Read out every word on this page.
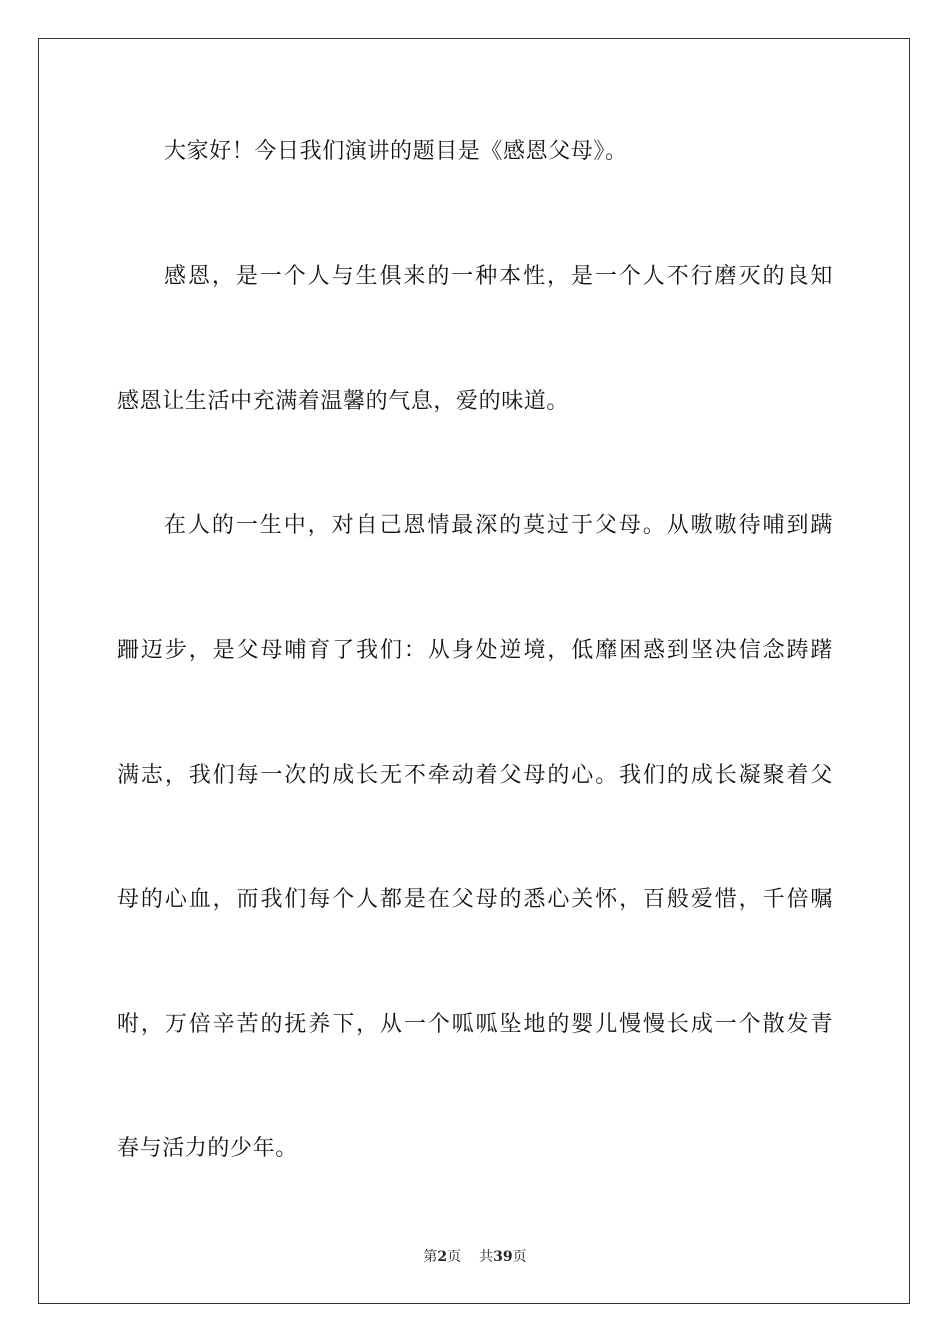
大家好！今日我们演讲的题目是《感恩父母》。
感恩，是一个人与生俱来的一种本性，是一个人不行磨灭的良知
感恩让生活中充满着温馨的气息，爱的味道。
在人的一生中，对自己恩情最深的莫过于父母。从嗷嗷待哺到蹒
跚迈步，是父母哺育了我们：从身处逆境，低靡困惑到坚决信念踌躇
满志，我们每一次的成长无不牵动着父母的心。我们的成长凝聚着父
母的心血，而我们每个人都是在父母的悉心关怀，百般爱惜，千倍嘱
咐，万倍辛苦的抚养下，从一个呱呱坠地的婴儿慢慢长成一个散发青
春与活力的少年。
第2页 共39页
